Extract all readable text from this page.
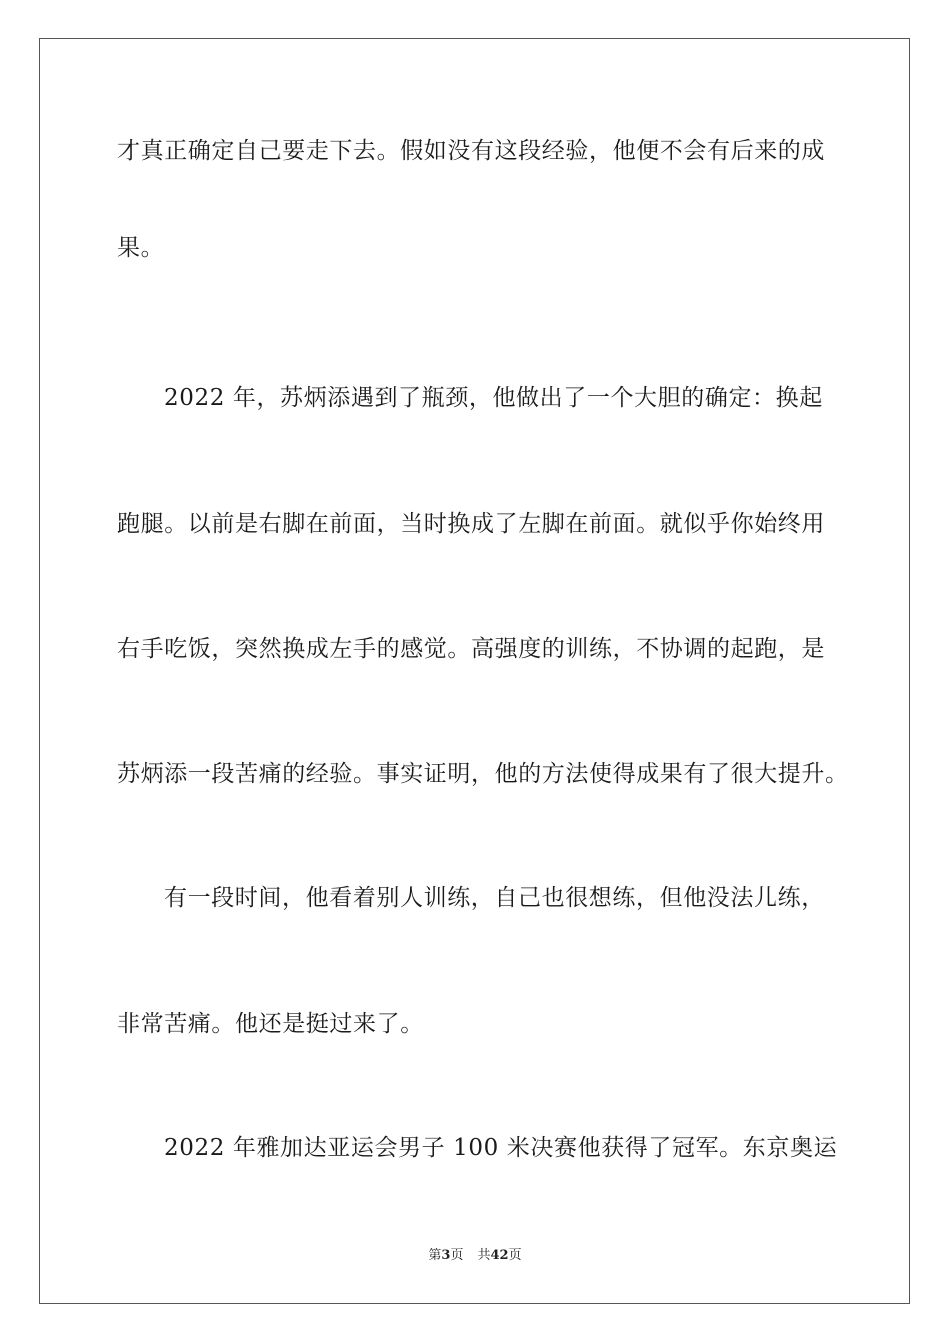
才真正确定自己要走下去。假如没有这段经验，他便不会有后来的成
果。
2022 年，苏炳添遇到了瓶颈，他做出了一个大胆的确定：换起
跑腿。以前是右脚在前面，当时换成了左脚在前面。就似乎你始终用
右手吃饭，突然换成左手的感觉。高强度的训练，不协调的起跑，是
苏炳添一段苦痛的经验。事实证明，他的方法使得成果有了很大提升。
有一段时间，他看着别人训练，自己也很想练，但他没法儿练，
非常苦痛。他还是挺过来了。
2022 年雅加达亚运会男子 100 米决赛他获得了冠军。东京奥运
第3页 共42页
